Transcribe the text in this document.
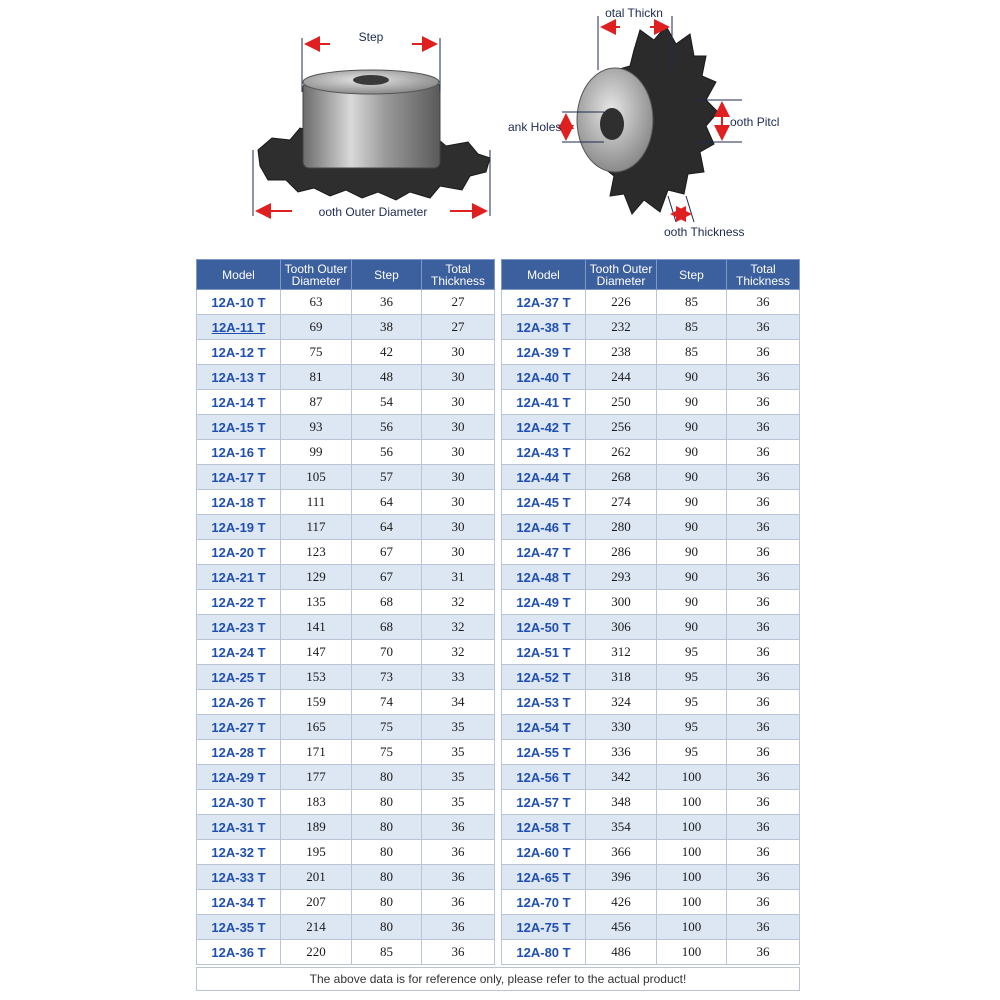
Step
ooth Outer Diameter
otal Thickn
ank Holes	ooth Pitcl
ooth Thickness
Model	Tooth Outer
Diameter	Step	Total
Thickness
12A-10 T	63	36	27
12A-11 T	69	38	27
12A-12 T	75	42	30
12A-13 T	81	48	30
12A-14 T	87	54	30
12A-15 T	93	56	30
12A-16 T	99	56	30
12A-17 T	105	57	30
12A-18 T	111	64	30
12A-19 T	117	64	30
12A-20 T	123	67	30
12A-21 T	129	67	31
12A-22 T	135	68	32
12A-23 T	141	68	32
12A-24 T	147	70	32
12A-25 T	153	73	33
12A-26 T	159	74	34
12A-27 T	165	75	35
12A-28 T	171	75	35
12A-29 T	177	80	35
12A-30 T	183	80	35
12A-31 T	189	80	36
12A-32 T	195	80	36
12A-33 T	201	80	36
12A-34 T	207	80	36
12A-35 T	214	80	36
12A-36 T	220	85	36
Model	Tooth Outer
Diameter	Step	Total
Thickness
12A-37 T	226	85	36
12A-38 T	232	85	36
12A-39 T	238	85	36
12A-40 T	244	90	36
12A-41 T	250	90	36
12A-42 T	256	90	36
12A-43 T	262	90	36
12A-44 T	268	90	36
12A-45 T	274	90	36
12A-46 T	280	90	36
12A-47 T	286	90	36
12A-48 T	293	90	36
12A-49 T	300	90	36
12A-50 T	306	90	36
12A-51 T	312	95	36
12A-52 T	318	95	36
12A-53 T	324	95	36
12A-54 T	330	95	36
12A-55 T	336	95	36
12A-56 T	342	100	36
12A-57 T	348	100	36
12A-58 T	354	100	36
12A-60 T	366	100	36
12A-65 T	396	100	36
12A-70 T	426	100	36
12A-75 T	456	100	36
12A-80 T	486	100	36
The above data is for reference only, please refer to the actual product!
